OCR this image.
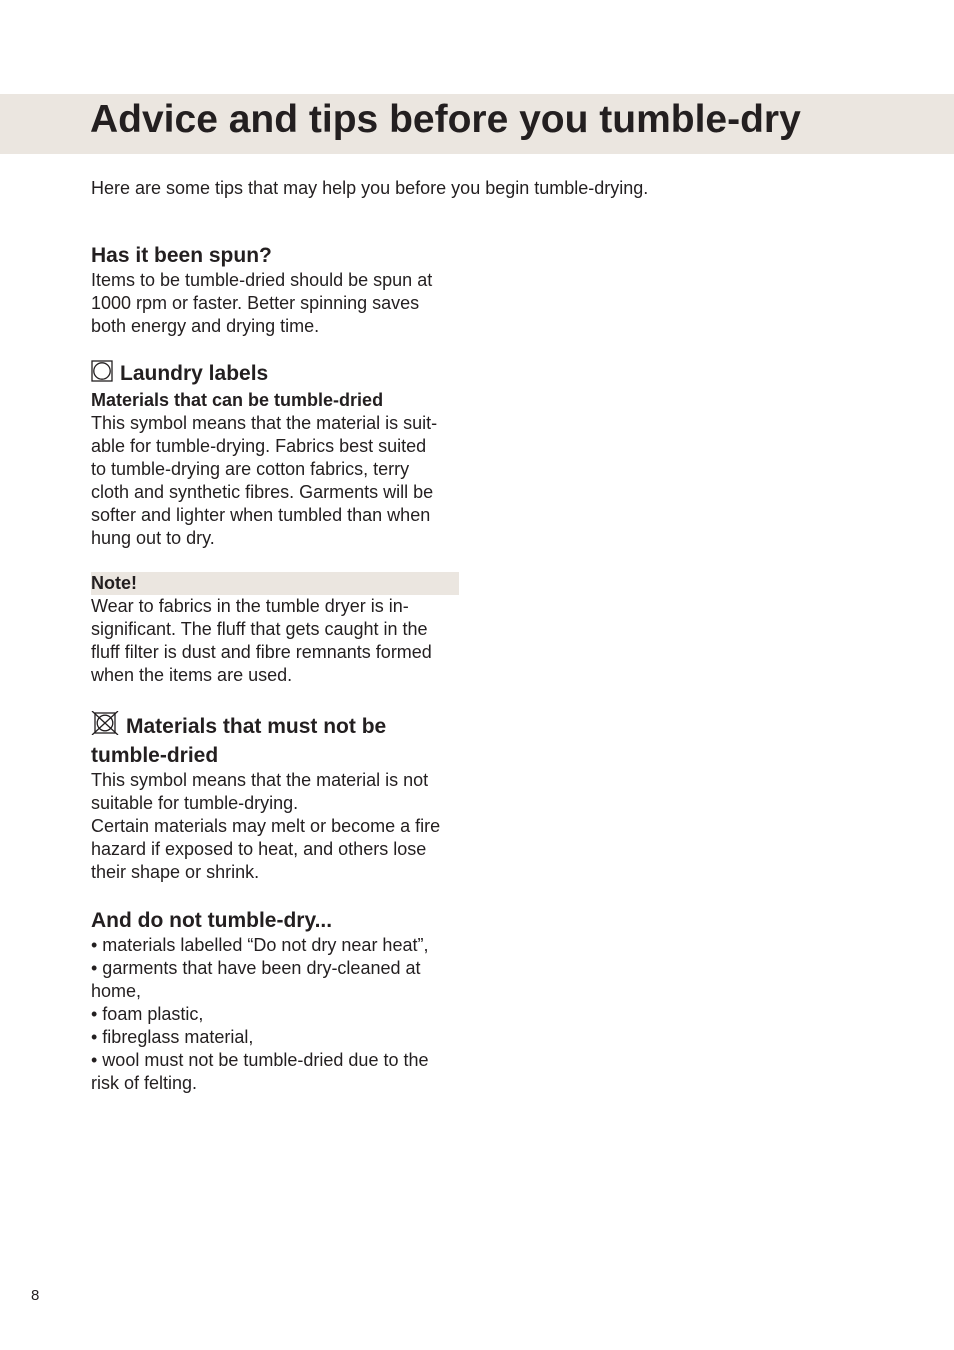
Advice and tips before you tumble-dry

Here are some tips that may help you before you begin tumble-drying.

Has it been spun?
Items to be tumble-dried should be spun at
1000 rpm or faster. Better spinning saves
both energy and drying time.
Laundry labels
Materials that can be tumble-dried
This symbol means that the material is suit-
able for tumble-drying. Fabrics best suited
to tumble-drying are cotton fabrics, terry
cloth and synthetic fibres. Garments will be
softer and lighter when tumbled than when
hung out to dry.
Note!
Wear to fabrics in the tumble dryer is in-
significant. The fluff that gets caught in the
fluff filter is dust and fibre remnants formed
when the items are used.
Materials that must not be
tumble-dried
This symbol means that the material is not
suitable for tumble-drying.
Certain materials may melt or become a fire
hazard if exposed to heat, and others lose
their shape or shrink.
And do not tumble-dry...
• materials labelled “Do not dry near heat”,
• garments that have been dry-cleaned at
home,
• foam plastic,
• fibreglass material,
• wool must not be tumble-dried due to the
risk of felting.
8
